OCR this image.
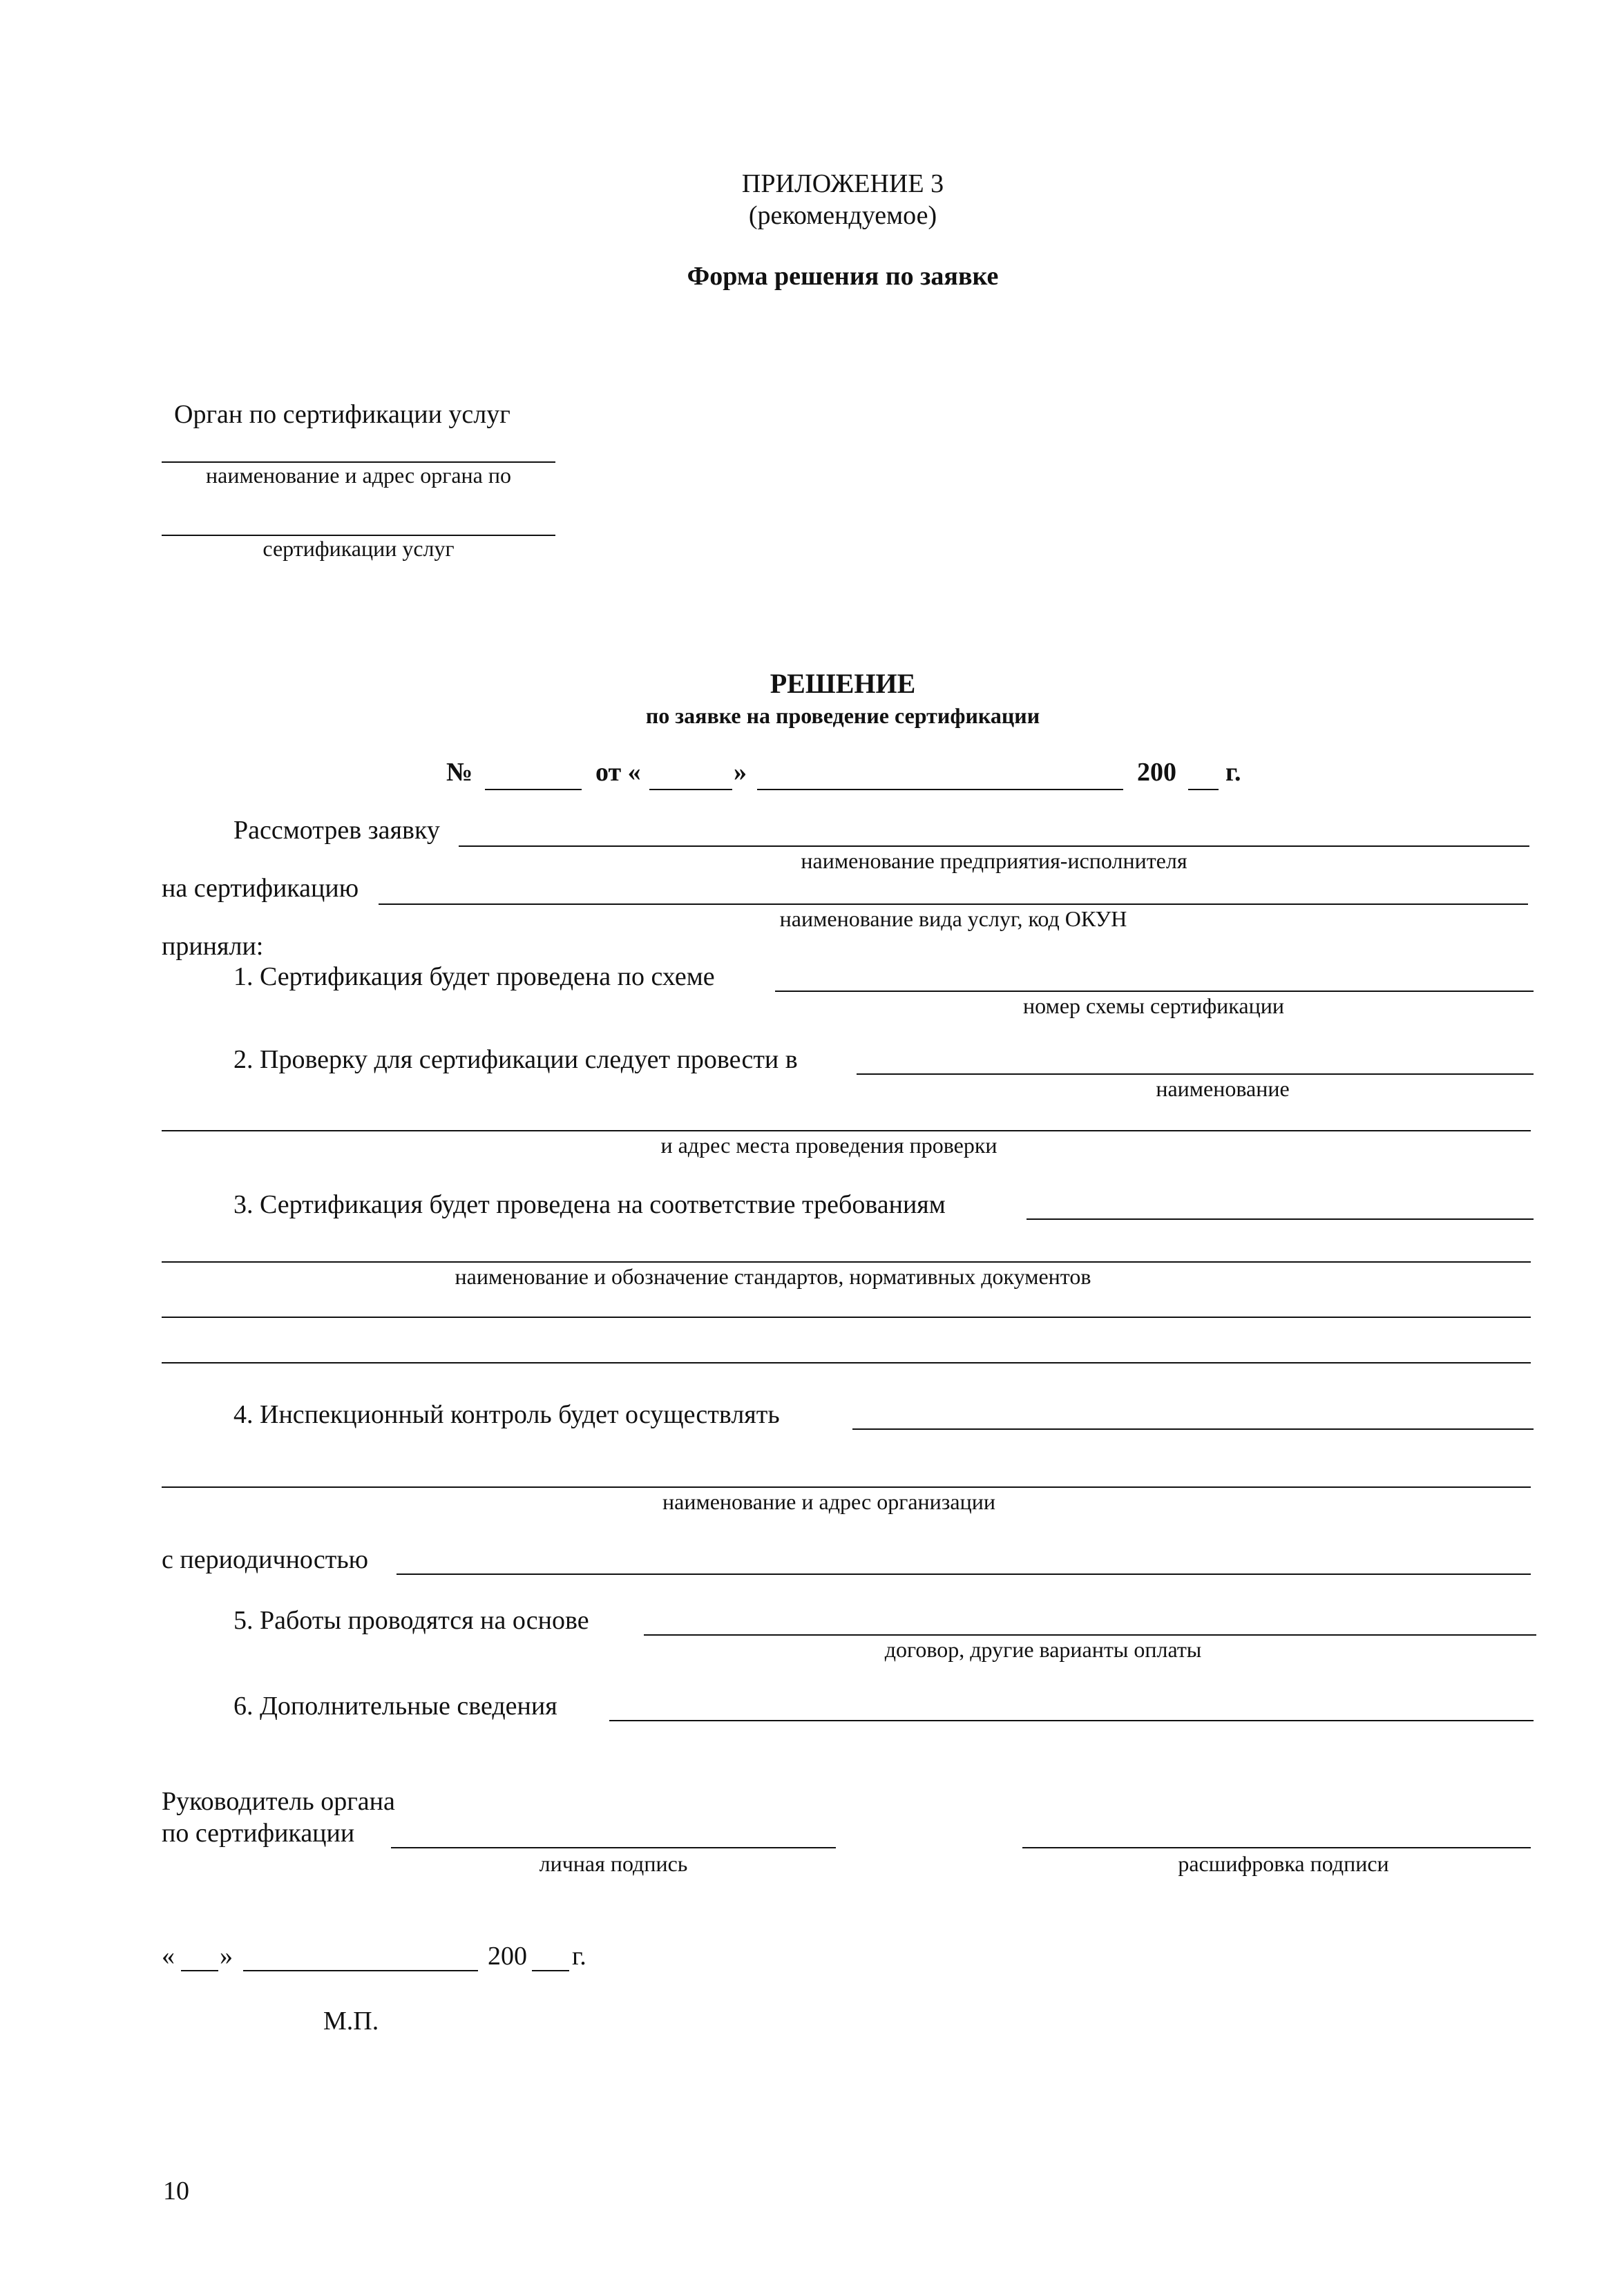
ПРИЛОЖЕНИЕ 3
(рекомендуемое)
Форма решения по заявке
Орган по сертификации услуг
наименование и адрес органа по
сертификации услуг
РЕШЕНИЕ
по заявке на проведение сертификации
№	от «	»	200 г.
Рассмотрев заявку
наименование предприятия-исполнителя
на сертификацию
наименование вида услуг, код ОКУН
приняли:
1. Сертификация будет проведена по схеме
номер схемы сертификации
2. Проверку для сертификации следует провести в
наименование
и адрес места проведения проверки
3. Сертификация будет проведена на соответствие требованиям
наименование и обозначение стандартов, нормативных документов
4. Инспекционный контроль будет осуществлять
наименование и адрес организации
с периодичностью
5. Работы проводятся на основе
договор, другие варианты оплаты
6. Дополнительные сведения
Руководитель органа
по сертификации
личная подпись	расшифровка подписи
« »	200 г.
М.П.
10
